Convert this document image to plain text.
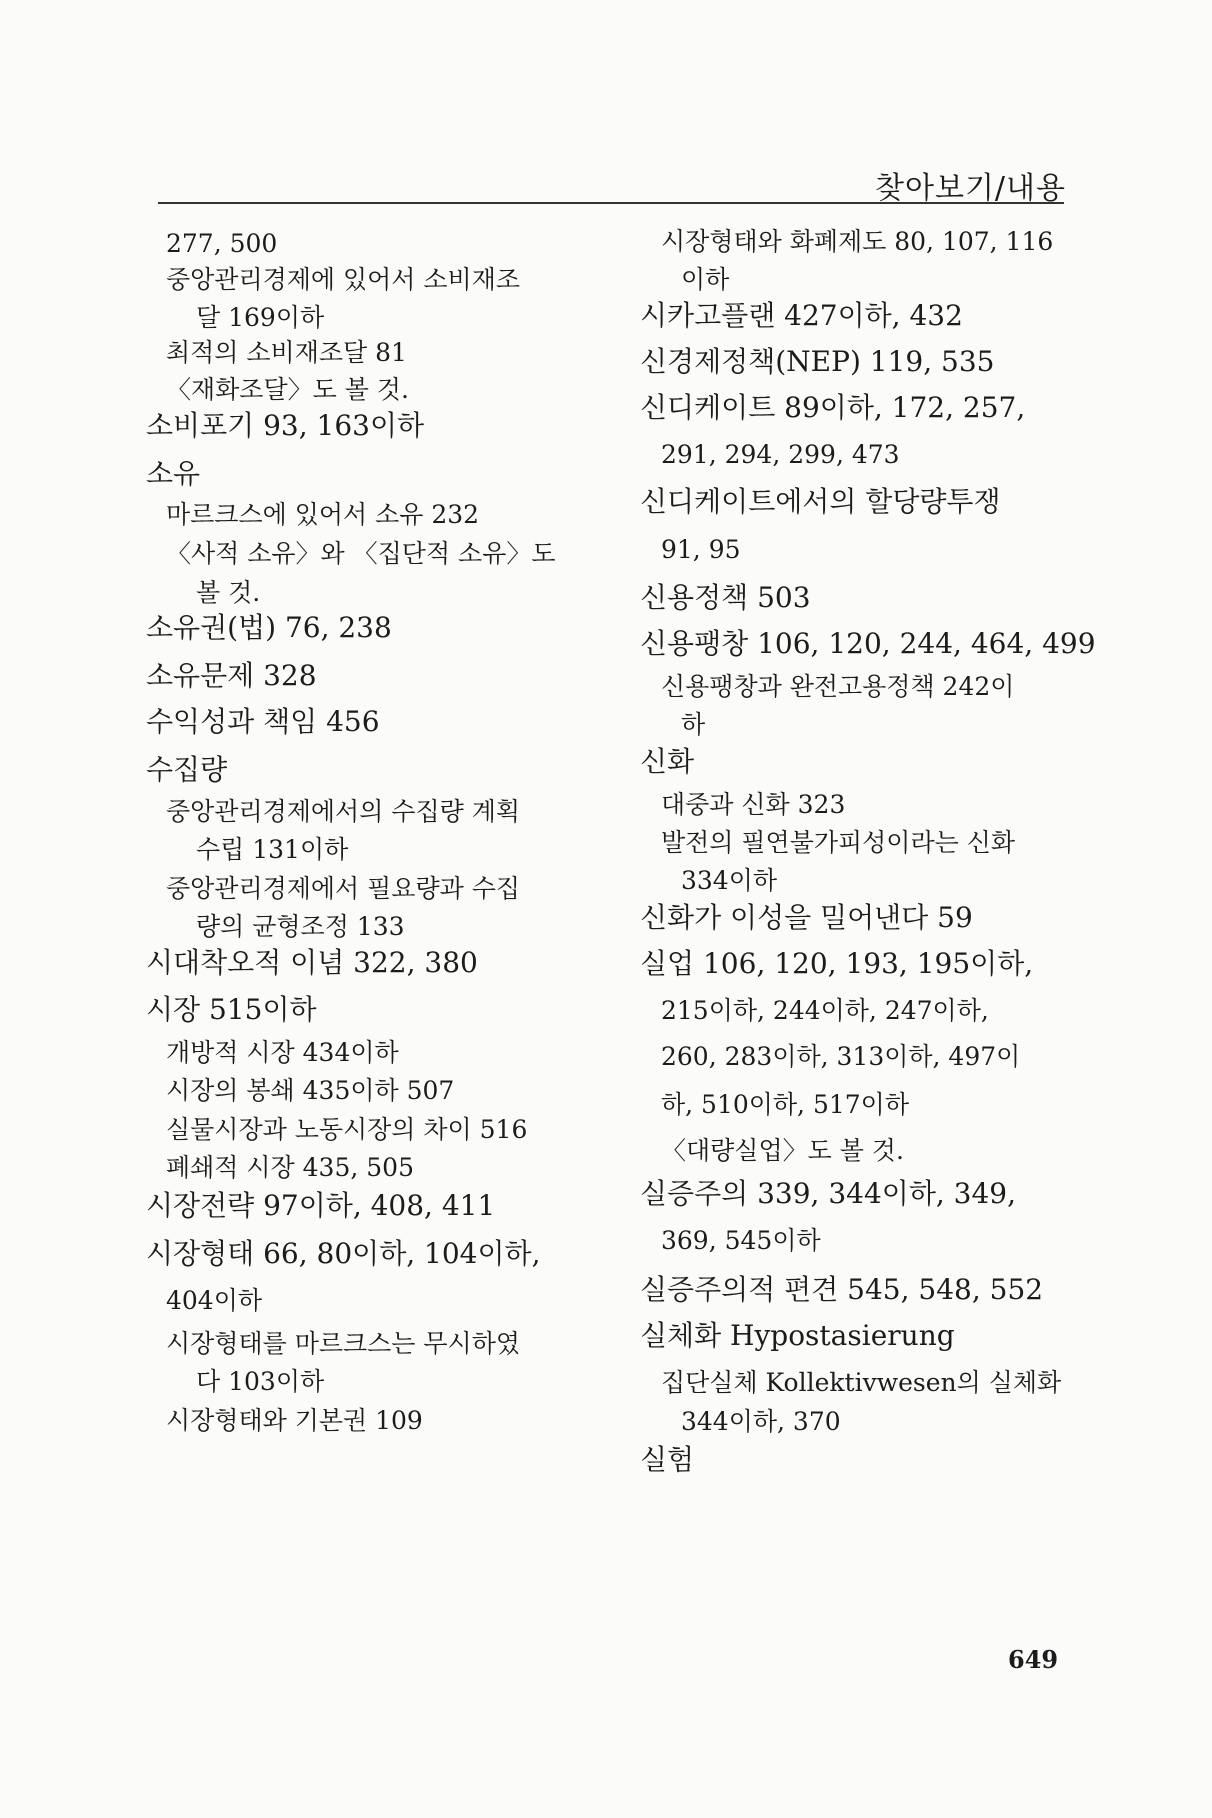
찾아보기/내용
277, 500
중앙관리경제에 있어서 소비재조
달 169이하
최적의 소비재조달 81
〈재화조달〉도 볼 것.
소비포기 93, 163이하
소유
마르크스에 있어서 소유 232
〈사적 소유〉와 〈집단적 소유〉도
볼 것.
소유권(법) 76, 238
소유문제 328
수익성과 책임 456
수집량
중앙관리경제에서의 수집량 계획
수립 131이하
중앙관리경제에서 필요량과 수집
량의 균형조정 133
시대착오적 이념 322, 380
시장 515이하
개방적 시장 434이하
시장의 봉쇄 435이하 507
실물시장과 노동시장의 차이 516
폐쇄적 시장 435, 505
시장전략 97이하, 408, 411
시장형태 66, 80이하, 104이하,
404이하
시장형태를 마르크스는 무시하였
다 103이하
시장형태와 기본권 109
시장형태와 화폐제도 80, 107, 116
이하
시카고플랜 427이하, 432
신경제정책(NEP) 119, 535
신디케이트 89이하, 172, 257,
291, 294, 299, 473
신디케이트에서의 할당량투쟁
91, 95
신용정책 503
신용팽창 106, 120, 244, 464, 499
신용팽창과 완전고용정책 242이
하
신화
대중과 신화 323
발전의 필연불가피성이라는 신화
334이하
신화가 이성을 밀어낸다 59
실업 106, 120, 193, 195이하,
215이하, 244이하, 247이하,
260, 283이하, 313이하, 497이
하, 510이하, 517이하
〈대량실업〉도 볼 것.
실증주의 339, 344이하, 349,
369, 545이하
실증주의적 편견 545, 548, 552
실체화 Hypostasierung
집단실체 Kollektivwesen의 실체화
344이하, 370
실험
649
